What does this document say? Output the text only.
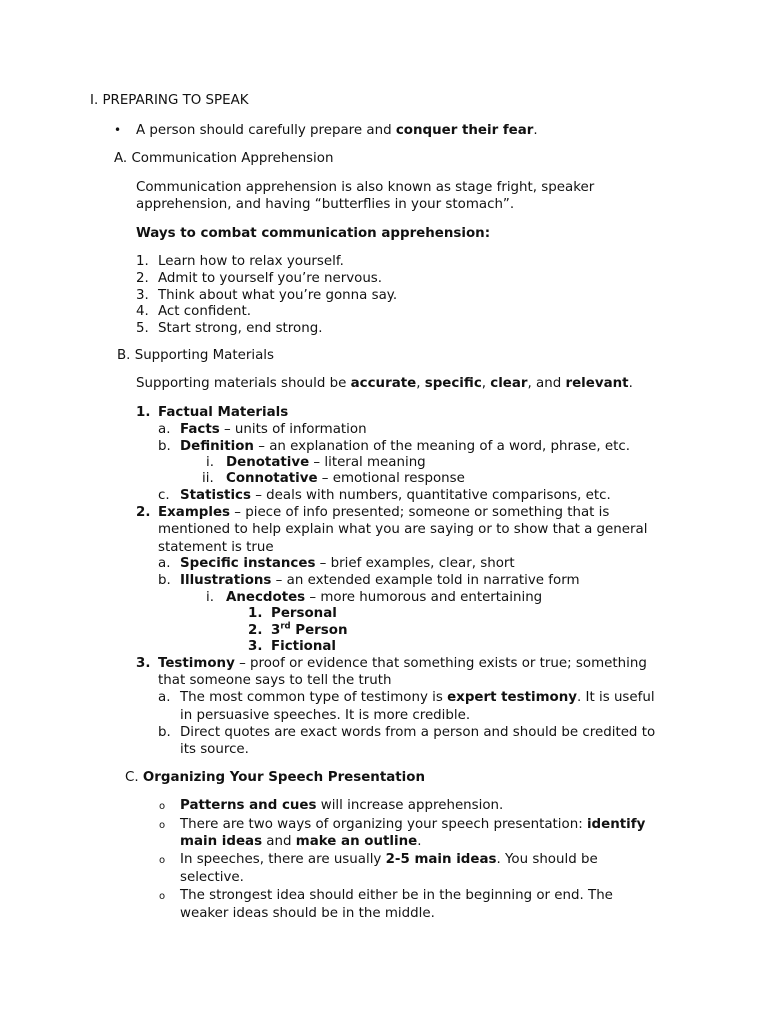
I. PREPARING TO SPEAK
• A person should carefully prepare and conquer their fear.
A. Communication Apprehension
Communication apprehension is also known as stage fright, speaker
apprehension, and having “butterflies in your stomach”.
Ways to combat communication apprehension:
1. Learn how to relax yourself.
2. Admit to yourself you’re nervous.
3. Think about what you’re gonna say.
4. Act confident.
5. Start strong, end strong.
B. Supporting Materials
Supporting materials should be accurate, specific, clear, and relevant.
1. Factual Materials
a. Facts – units of information
b. Definition – an explanation of the meaning of a word, phrase, etc.
i. Denotative – literal meaning
ii. Connotative – emotional response
c. Statistics – deals with numbers, quantitative comparisons, etc.
2. Examples – piece of info presented; someone or something that is
mentioned to help explain what you are saying or to show that a general
statement is true
a. Specific instances – brief examples, clear, short
b. Illustrations – an extended example told in narrative form
i. Anecdotes – more humorous and entertaining
1. Personal
2. 3rd Person
3. Fictional
3. Testimony – proof or evidence that something exists or true; something
that someone says to tell the truth
a. The most common type of testimony is expert testimony. It is useful
in persuasive speeches. It is more credible.
b. Direct quotes are exact words from a person and should be credited to
its source.
C. Organizing Your Speech Presentation
o Patterns and cues will increase apprehension.
o There are two ways of organizing your speech presentation: identify
main ideas and make an outline.
o In speeches, there are usually 2-5 main ideas. You should be
selective.
o The strongest idea should either be in the beginning or end. The
weaker ideas should be in the middle.
